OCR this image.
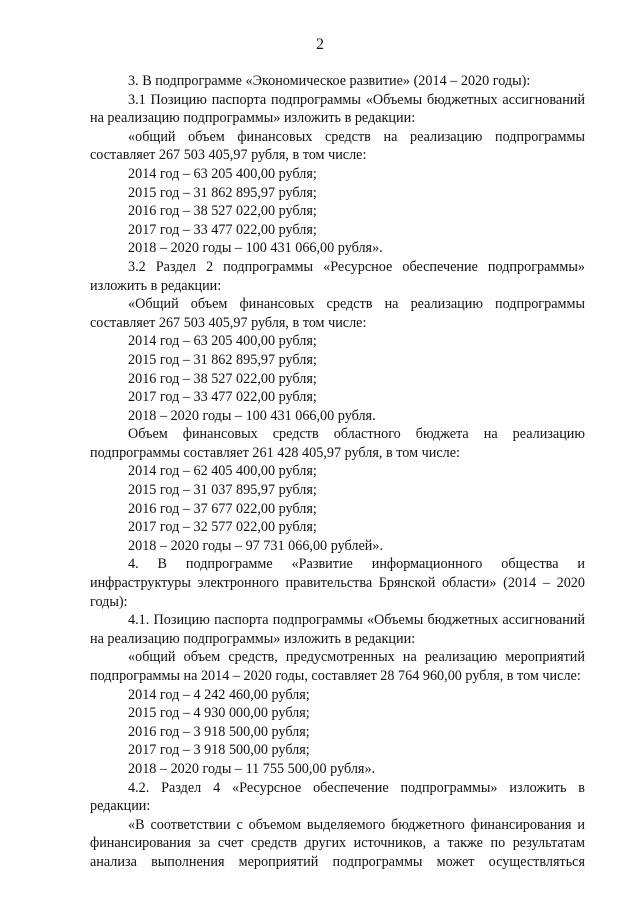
2

3. В подпрограмме «Экономическое развитие» (2014 – 2020 годы):

3.1 Позицию паспорта подпрограммы «Объемы бюджетных ассигнований на реализацию подпрограммы» изложить в редакции:

«общий объем финансовых средств на реализацию подпрограммы составляет 267 503 405,97 рубля, в том числе:

2014 год – 63 205 400,00 рубля;

2015 год – 31 862 895,97 рубля;

2016 год – 38 527 022,00 рубля;

2017 год – 33 477 022,00 рубля;

2018 – 2020 годы – 100 431 066,00 рубля».

3.2 Раздел 2 подпрограммы «Ресурсное обеспечение подпрограммы» изложить в редакции:

«Общий объем финансовых средств на реализацию подпрограммы составляет 267 503 405,97 рубля, в том числе:

2014 год – 63 205 400,00 рубля;

2015 год – 31 862 895,97 рубля;

2016 год – 38 527 022,00 рубля;

2017 год – 33 477 022,00 рубля;

2018 – 2020 годы – 100 431 066,00 рубля.

Объем финансовых средств областного бюджета на реализацию подпрограммы составляет 261 428 405,97 рубля, в том числе:

2014 год – 62 405 400,00 рубля;

2015 год – 31 037 895,97 рубля;

2016 год – 37 677 022,00 рубля;

2017 год – 32 577 022,00 рубля;

2018 – 2020 годы – 97 731 066,00 рублей».

4. В подпрограмме «Развитие информационного общества и инфраструктуры электронного правительства Брянской области» (2014 – 2020 годы):

4.1. Позицию паспорта подпрограммы «Объемы бюджетных ассигнований на реализацию подпрограммы» изложить в редакции:

«общий объем средств, предусмотренных на реализацию мероприятий подпрограммы на 2014 – 2020 годы, составляет 28 764 960,00 рубля, в том числе:

2014 год – 4 242 460,00 рубля;

2015 год – 4 930 000,00 рубля;

2016 год – 3 918 500,00 рубля;

2017 год – 3 918 500,00 рубля;

2018 – 2020 годы – 11 755 500,00 рубля».

4.2. Раздел 4 «Ресурсное обеспечение подпрограммы» изложить в редакции:

«В соответствии с объемом выделяемого бюджетного финансирования и финансирования за счет средств других источников, а также по результатам анализа выполнения мероприятий подпрограммы может осуществляться
